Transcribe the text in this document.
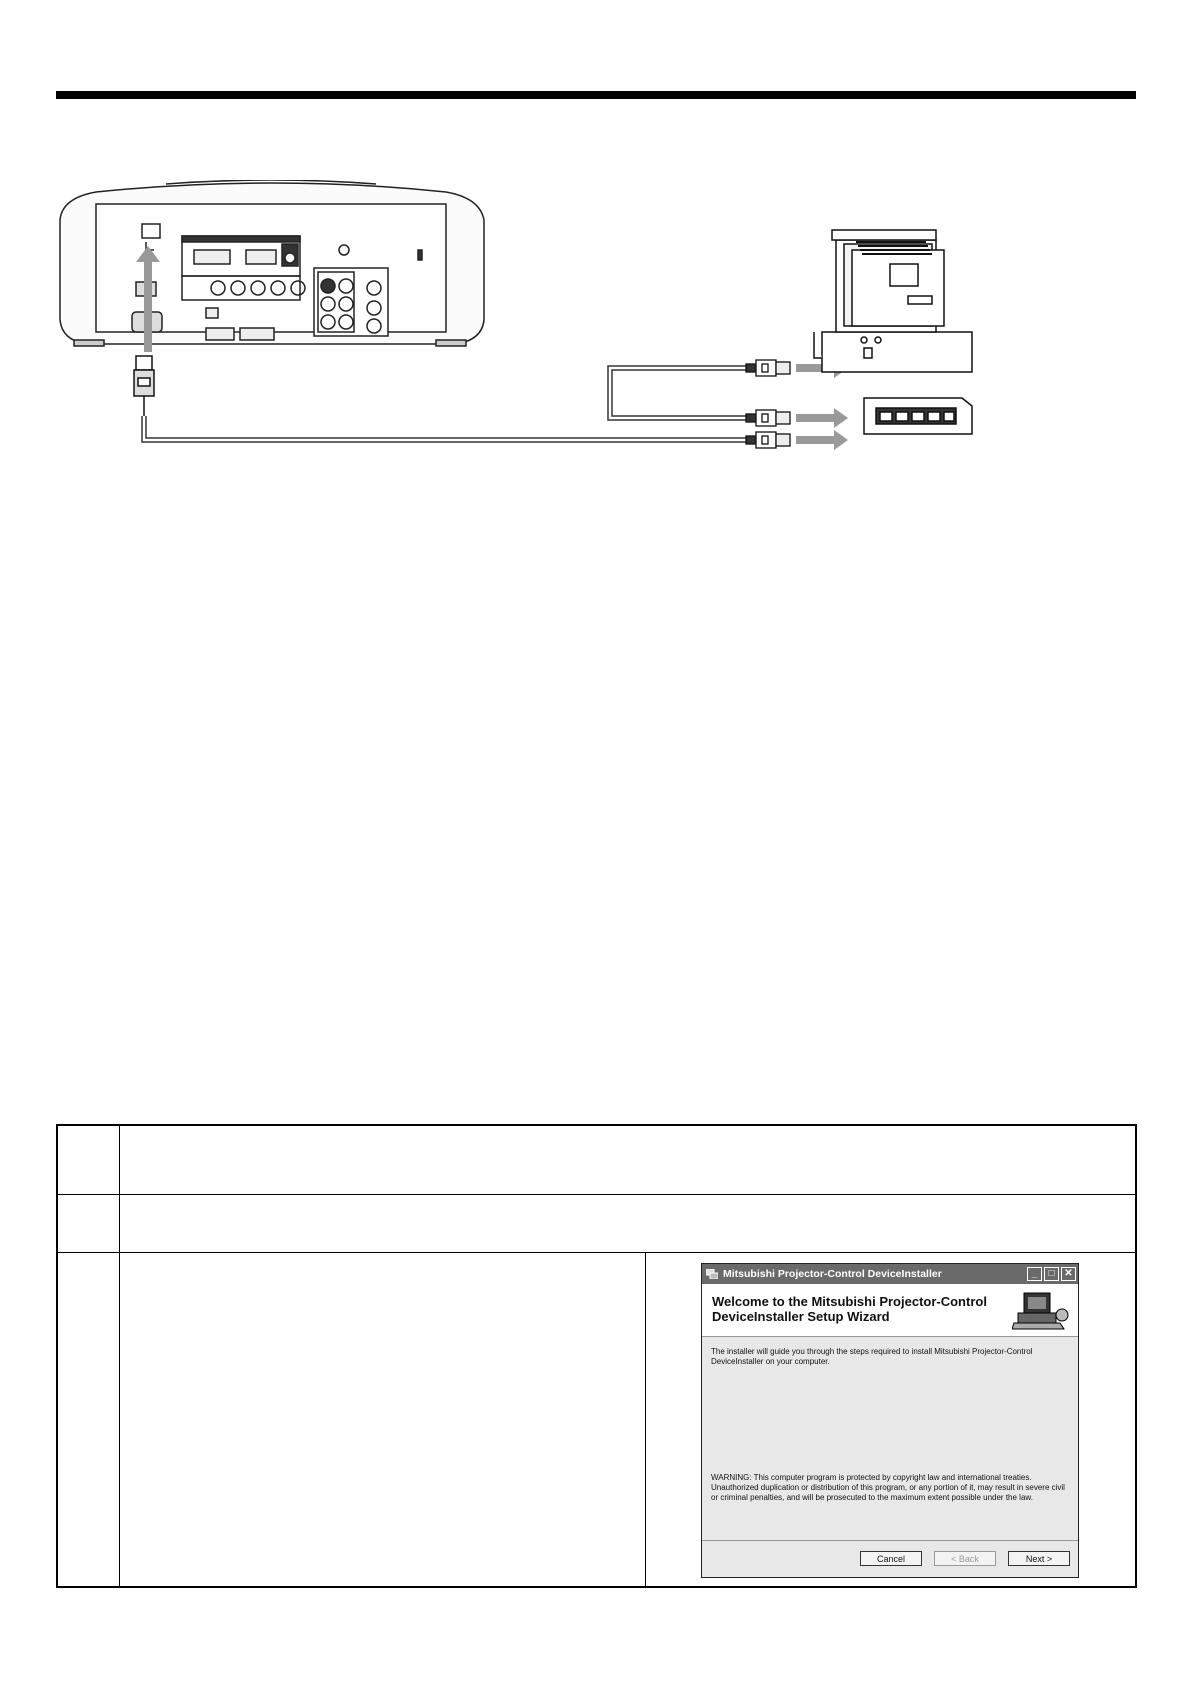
Mitsubishi Projector-Control DeviceInstaller	_	□ ✕
Welcome to the Mitsubishi Projector-Control DeviceInstaller Setup Wizard
The installer will guide you through the steps required to install Mitsubishi Projector-Control DeviceInstaller on your computer.
WARNING: This computer program is protected by copyright law and international treaties. Unauthorized duplication or distribution of this program, or any portion of it, may result in severe civil or criminal penalties, and will be prosecuted to the maximum extent possible under the law.
Cancel	< Back	Next >
